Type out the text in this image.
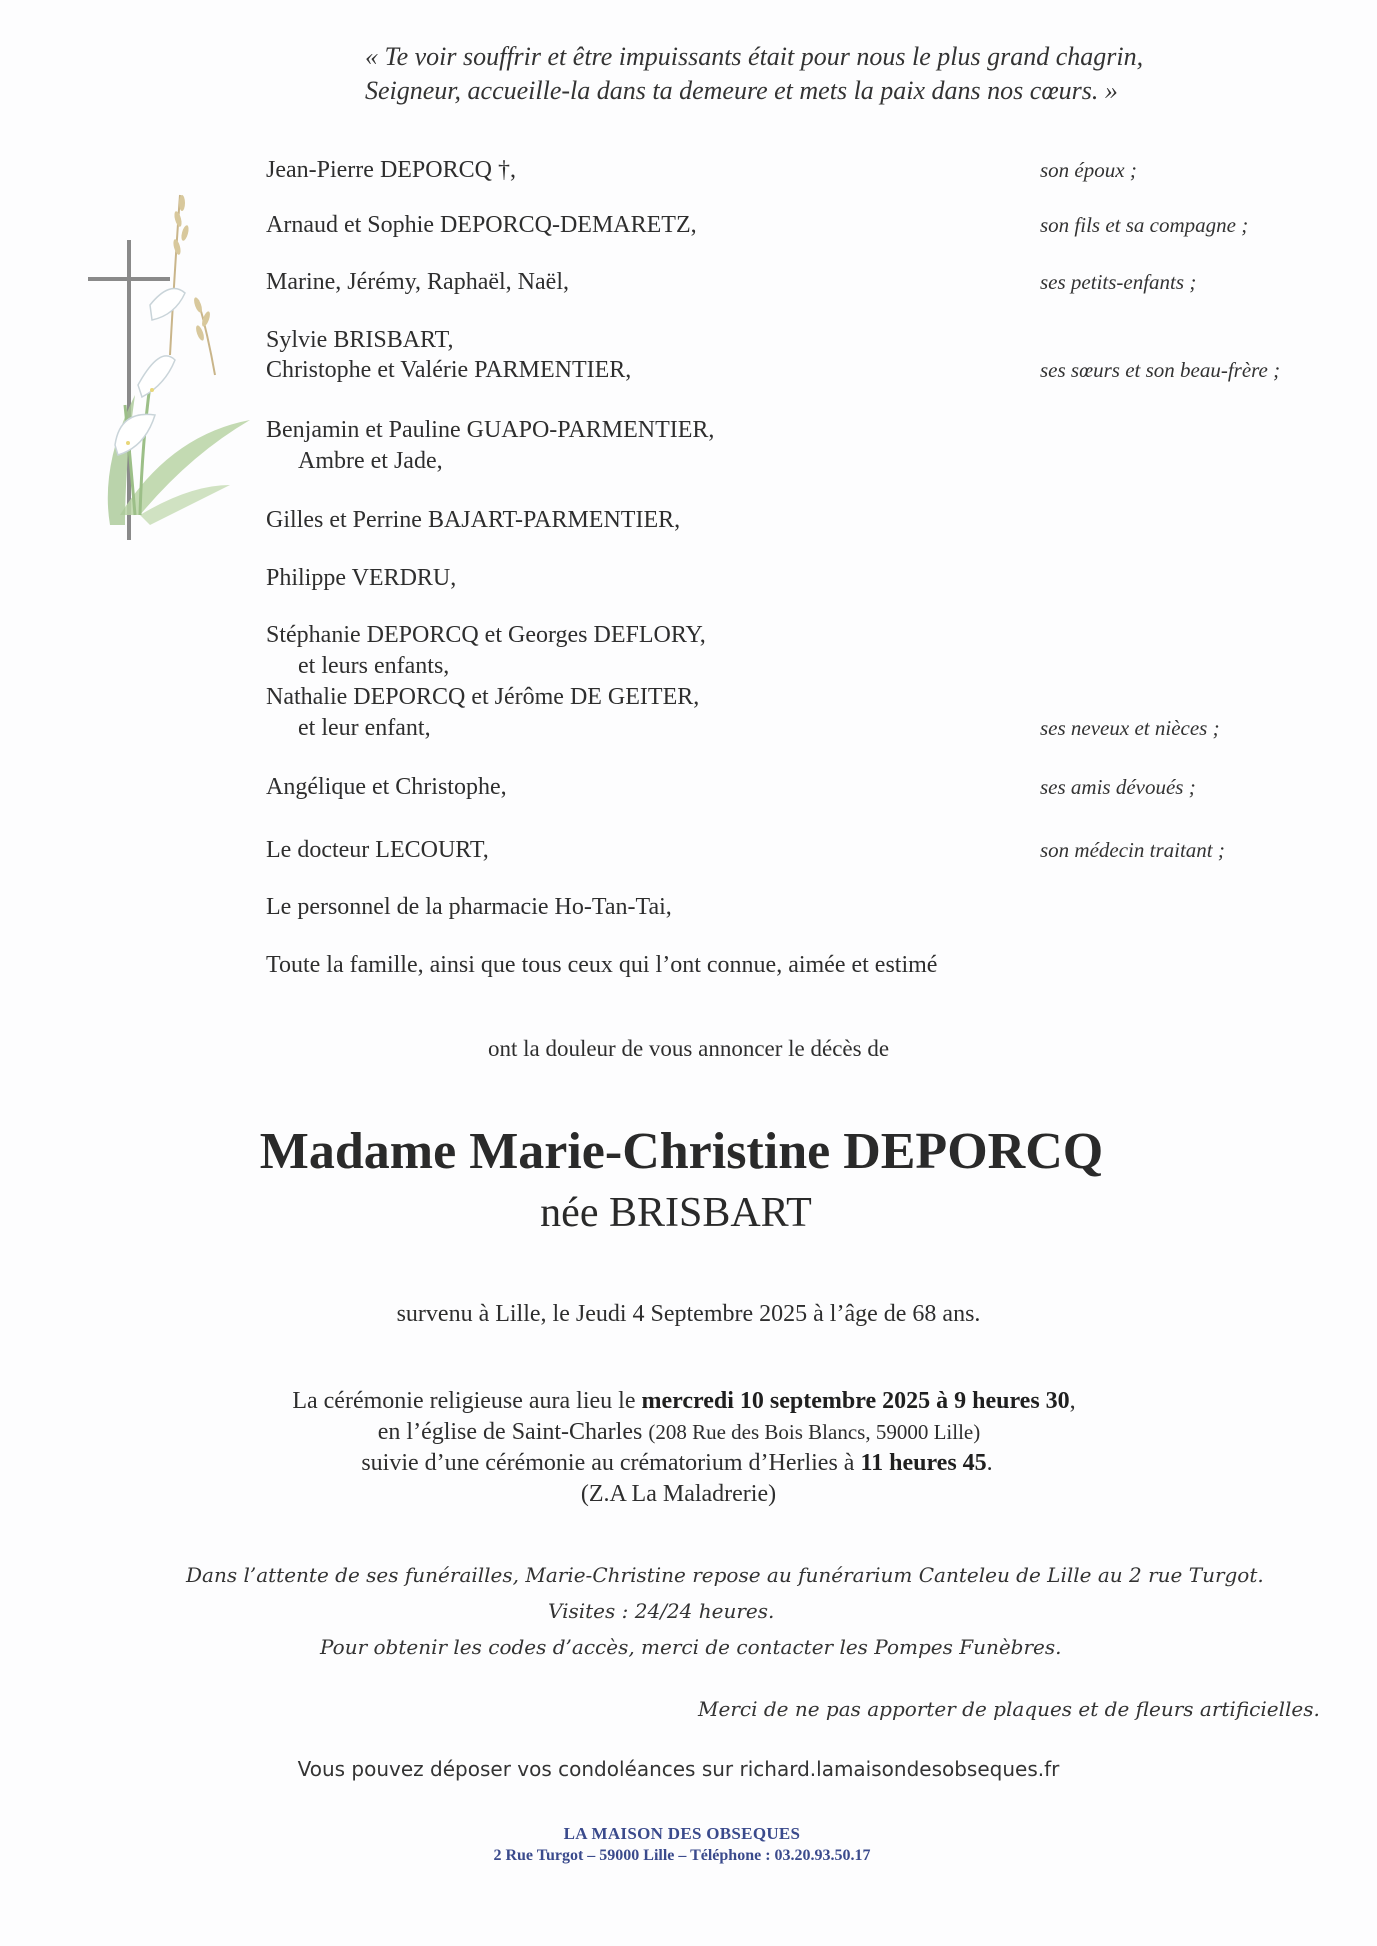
« Te voir souffrir et être impuissants était pour nous le plus grand chagrin,
Seigneur, accueille-la dans ta demeure et mets la paix dans nos cœurs. »
Jean-Pierre DEPORCQ †,
Arnaud et Sophie DEPORCQ-DEMARETZ,
Marine, Jérémy, Raphaël, Naël,
Sylvie BRISBART,
Christophe et Valérie PARMENTIER,
Benjamin et Pauline GUAPO-PARMENTIER,
Ambre et Jade,
Gilles et Perrine BAJART-PARMENTIER,
Philippe VERDRU,
Stéphanie DEPORCQ et Georges DEFLORY,
et leurs enfants,
Nathalie DEPORCQ et Jérôme DE GEITER,
et leur enfant,
Angélique et Christophe,
Le docteur LECOURT,
Le personnel de la pharmacie Ho-Tan-Tai,
Toute la famille, ainsi que tous ceux qui l’ont connue, aimée et estimé
son époux ;
son fils et sa compagne ;
ses petits-enfants ;
ses sœurs et son beau-frère ;
ses neveux et nièces ;
ses amis dévoués ;
son médecin traitant ;
ont la douleur de vous annoncer le décès de
Madame Marie-Christine DEPORCQ
née BRISBART
survenu à Lille, le Jeudi 4 Septembre 2025 à l’âge de 68 ans.
La cérémonie religieuse aura lieu le mercredi 10 septembre 2025 à 9 heures 30,
en l’église de Saint-Charles (208 Rue des Bois Blancs, 59000 Lille)
suivie d’une cérémonie au crématorium d’Herlies à 11 heures 45.
(Z.A La Maladrerie)
Dans l’attente de ses funérailles, Marie-Christine repose au funérarium Canteleu de Lille au 2 rue Turgot.
Visites : 24/24 heures.
Pour obtenir les codes d’accès, merci de contacter les Pompes Funèbres.
Merci de ne pas apporter de plaques et de fleurs artificielles.
Vous pouvez déposer vos condoléances sur richard.lamaisondesobseques.fr
LA MAISON DES OBSEQUES
2 Rue Turgot – 59000 Lille – Téléphone : 03.20.93.50.17
